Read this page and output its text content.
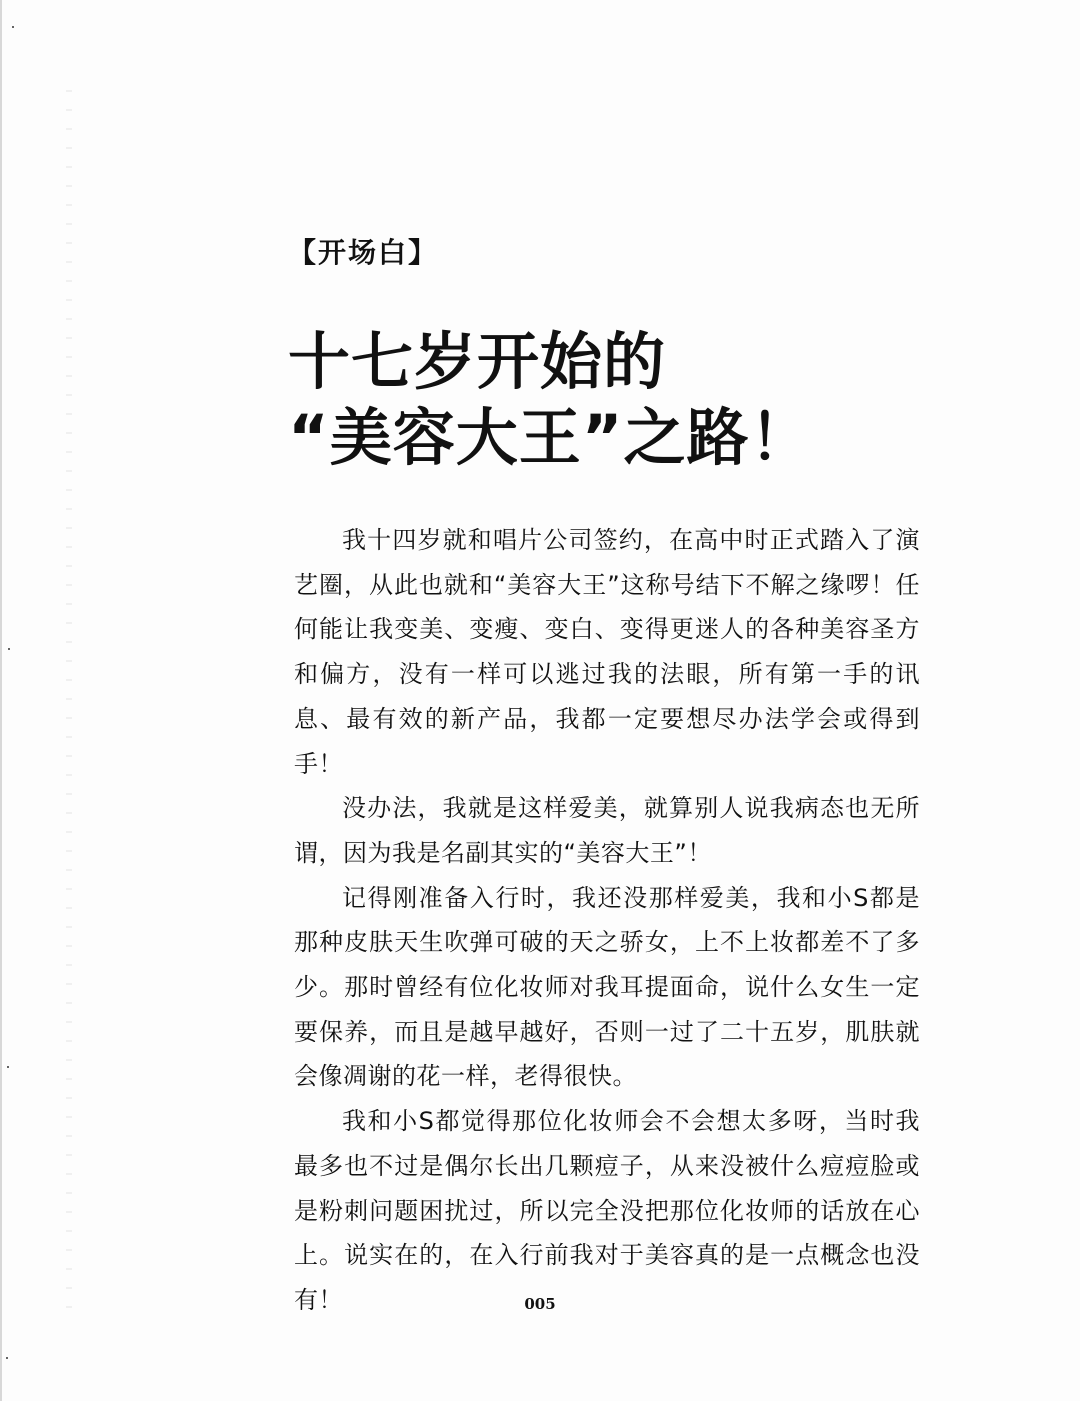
【开场白】
十七岁开始的
“美容大王”之路！

我十四岁就和唱片公司签约，在高中时正式踏入了演艺圈，从此也就和“美容大王”这称号结下不解之缘啰！任何能让我变美、变瘦、变白、变得更迷人的各种美容圣方和偏方，没有一样可以逃过我的法眼，所有第一手的讯息、最有效的新产品，我都一定要想尽办法学会或得到手！

没办法，我就是这样爱美，就算别人说我病态也无所谓，因为我是名副其实的“美容大王”！

记得刚准备入行时，我还没那样爱美，我和小S都是那种皮肤天生吹弹可破的天之骄女，上不上妆都差不了多少。那时曾经有位化妆师对我耳提面命，说什么女生一定要保养，而且是越早越好，否则一过了二十五岁，肌肤就会像凋谢的花一样，老得很快。

我和小S都觉得那位化妆师会不会想太多呀，当时我最多也不过是偶尔长出几颗痘子，从来没被什么痘痘脸或是粉刺问题困扰过，所以完全没把那位化妆师的话放在心上。说实在的，在入行前我对于美容真的是一点概念也没有！	005
